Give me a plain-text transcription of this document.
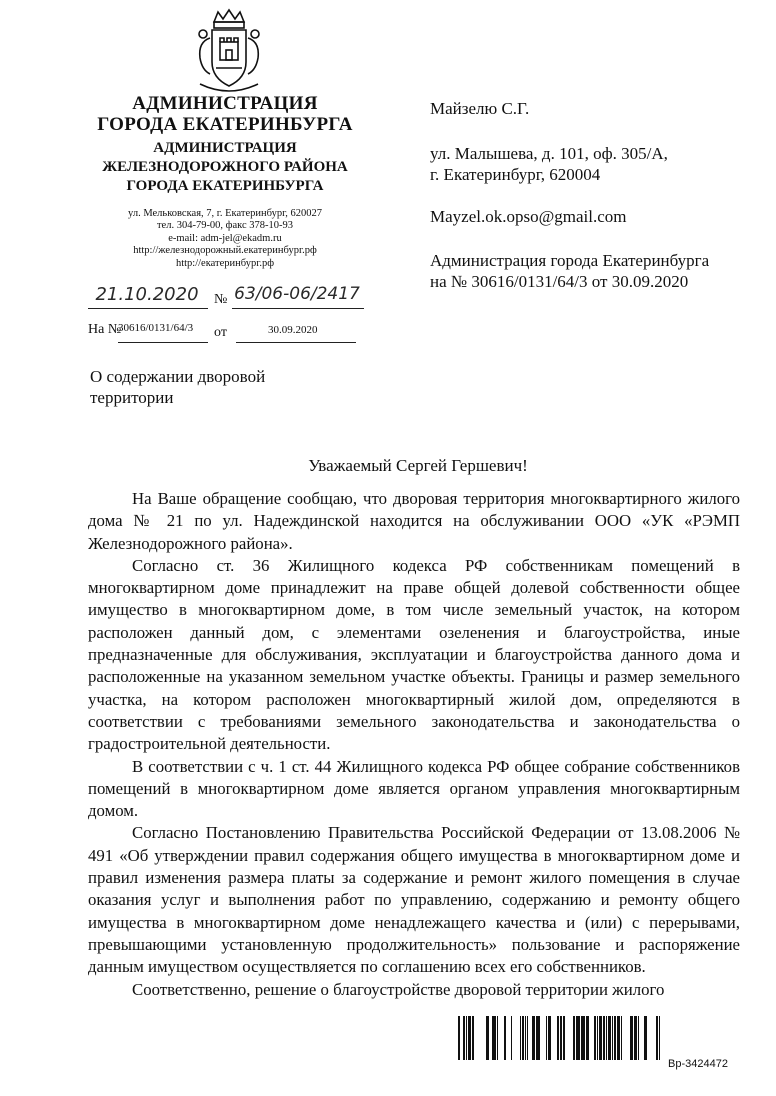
АДМИНИСТРАЦИЯ
ГОРОДА ЕКАТЕРИНБУРГА
АДМИНИСТРАЦИЯ
ЖЕЛЕЗНОДОРОЖНОГО РАЙОНА
ГОРОДА ЕКАТЕРИНБУРГА
ул. Мельковская, 7, г. Екатеринбург, 620027
тел. 304-79-00, факс 378-10-93
e-mail: adm-jel@ekadm.ru
http://железнодорожный.екатеринбург.рф
http://екатеринбург.рф
21.10.2020	№ 63/06-06/2417
На №
30616/0131/64/3 от	30.09.2020
Майзелю С.Г.
ул. Малышева, д. 101, оф. 305/А,
г. Екатеринбург, 620004
Mayzel.ok.opso@gmail.com
Администрация города Екатеринбурга
на № 30616/0131/64/3 от 30.09.2020
О содержании дворовой
территории
Уважаемый Сергей Гершевич!

На Ваше обращение сообщаю, что дворовая территория многоквартирного жилого дома № 21 по ул. Надеждинской находится на обслуживании ООО «УК «РЭМП Железнодорожного района».

Согласно ст. 36 Жилищного кодекса РФ собственникам помещений в многоквартирном доме принадлежит на праве общей долевой собственности общее имущество в многоквартирном доме, в том числе земельный участок, на котором расположен данный дом, с элементами озеленения и благоустройства, иные предназначенные для обслуживания, эксплуатации и благоустройства данного дома и расположенные на указанном земельном участке объекты. Границы и размер земельного участка, на котором расположен многоквартирный жилой дом, определяются в соответствии с требованиями земельного законодательства и законодательства о градостроительной деятельности.

В соответствии с ч. 1 ст. 44 Жилищного кодекса РФ общее собрание собственников помещений в многоквартирном доме является органом управления многоквартирным домом.

Согласно Постановлению Правительства Российской Федерации от 13.08.2006 № 491 «Об утверждении правил содержания общего имущества в многоквартирном доме и правил изменения размера платы за содержание и ремонт жилого помещения в случае оказания услуг и выполнения работ по управлению, содержанию и ремонту общего имущества в многоквартирном доме ненадлежащего качества и (или) с перерывами, превышающими установленную продолжительность» пользование и распоряжение данным имуществом осуществляется по соглашению всех его собственников.

Соответственно, решение о благоустройстве дворовой территории жилого

Вр-3424472
